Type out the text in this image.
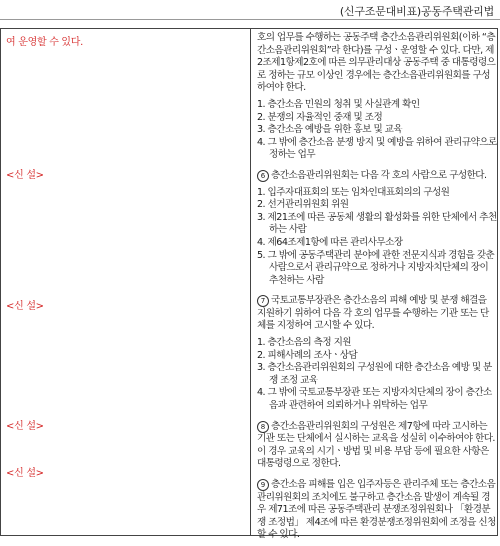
(신구조문대비표)공동주택관리법
여 운영할 수 있다.
<신 설>
<신 설>
<신 설>
<신 설>

호의 업무를 수행하는 공동주택 층간소음관리위원회(이하 “층간소음관리위원회”라 한다)를 구성ㆍ운영할 수 있다. 다만, 제2조제1항제2호에 따른 의무관리대상 공동주택 중 대통령령으로 정하는 규모 이상인 경우에는 층간소음관리위원회를 구성하여야 한다.

1. 층간소음 민원의 청취 및 사실관계 확인

2. 분쟁의 자율적인 중재 및 조정

3. 층간소음 예방을 위한 홍보 및 교육

4. 그 밖에 층간소음 분쟁 방지 및 예방을 위하여 관리규약으로 정하는 업무

6 층간소음관리위원회는 다음 각 호의 사람으로 구성한다.

1. 입주자대표회의 또는 임차인대표회의의 구성원

2. 선거관리위원회 위원

3. 제21조에 따른 공동체 생활의 활성화를 위한 단체에서 추천하는 사람

4. 제64조제1항에 따른 관리사무소장

5. 그 밖에 공동주택관리 분야에 관한 전문지식과 경험을 갖춘 사람으로서 관리규약으로 정하거나 지방자치단체의 장이 추천하는 사람

7 국토교통부장관은 층간소음의 피해 예방 및 분쟁 해결을 지원하기 위하여 다음 각 호의 업무를 수행하는 기관 또는 단체를 지정하여 고시할 수 있다.

1. 층간소음의 측정 지원

2. 피해사례의 조사ㆍ상담

3. 층간소음관리위원회의 구성원에 대한 층간소음 예방 및 분쟁 조정 교육

4. 그 밖에 국토교통부장관 또는 지방자치단체의 장이 층간소음과 관련하여 의뢰하거나 위탁하는 업무

8 층간소음관리위원회의 구성원은 제7항에 따라 고시하는 기관 또는 단체에서 실시하는 교육을 성실히 이수하여야 한다. 이 경우 교육의 시기ㆍ방법 및 비용 부담 등에 필요한 사항은 대통령령으로 정한다.

9 층간소음 피해를 입은 입주자등은 관리주체 또는 층간소음관리위원회의 조치에도 불구하고 층간소음 발생이 계속될 경우 제71조에 따른 공동주택관리 분쟁조정위원회나 「환경분쟁 조정법」 제4조에 따른 환경분쟁조정위원회에 조정을 신청할 수 있다.
